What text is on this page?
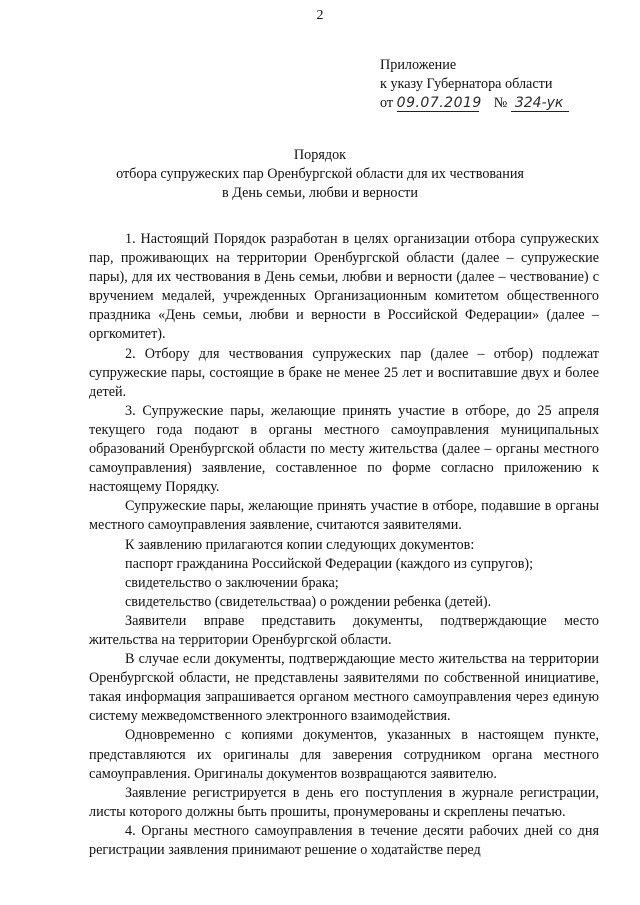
2
Приложение
к указу Губернатора области
от 09.07.2019 № 324-ук
Порядок
отбора супружеских пар Оренбургской области для их чествования
в День семьи, любви и верности

1. Настоящий Порядок разработан в целях организации отбора супружеских пар, проживающих на территории Оренбургской области (далее – супружеские пары), для их чествования в День семьи, любви и верности (далее – чествование) с вручением медалей, учрежденных Организационным комитетом общественного праздника «День семьи, любви и верности в Российской Федерации» (далее – оргкомитет).

2. Отбору для чествования супружеских пар (далее – отбор) подлежат супружеские пары, состоящие в браке не менее 25 лет и воспитавшие двух и более детей.

3. Супружеские пары, желающие принять участие в отборе, до 25 апреля текущего года подают в органы местного самоуправления муниципальных образований Оренбургской области по месту жительства (далее – органы местного самоуправления) заявление, составленное по форме согласно приложению к настоящему Порядку.

Супружеские пары, желающие принять участие в отборе, подавшие в органы местного самоуправления заявление, считаются заявителями.

К заявлению прилагаются копии следующих документов:

паспорт гражданина Российской Федерации (каждого из супругов);

свидетельство о заключении брака;

свидетельство (свидетельстваа) о рождении ребенка (детей).

Заявители вправе представить документы, подтверждающие место жительства на территории Оренбургской области.

В случае если документы, подтверждающие место жительства на территории Оренбургской области, не представлены заявителями по собственной инициативе, такая информация запрашивается органом местного самоуправления через единую систему межведомственного электронного взаимодействия.

Одновременно с копиями документов, указанных в настоящем пункте, представляются их оригиналы для заверения сотрудником органа местного самоуправления. Оригиналы документов возвращаются заявителю.

Заявление регистрируется в день его поступления в журнале регистрации, листы которого должны быть прошиты, пронумерованы и скреплены печатью.

4. Органы местного самоуправления в течение десяти рабочих дней со дня регистрации заявления принимают решение о ходатайстве перед
